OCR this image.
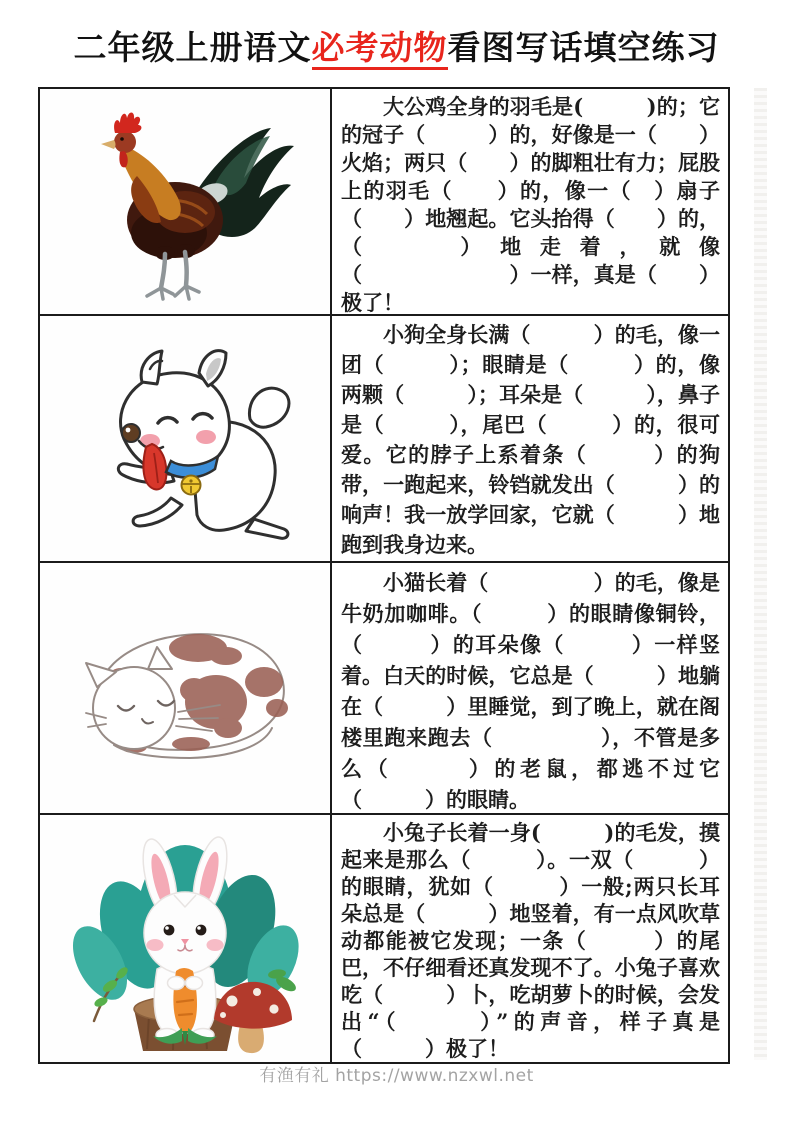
二年级上册语文必考动物看图写话填空练习

大公鸡全身的羽毛是(　　　)的；它的冠子（　　　）的，好像是一（　　）火焰；两只（　　）的脚粗壮有力；屁股上的羽毛（　　）的，像一（　）扇子（　　）地翘起。它头抬得（　　）的，（　　）地走着，就像（　　　　　　　）一样，真是（　　）极了！

小狗全身长满（　　　）的毛，像一团（　　　）；眼睛是（　　　）的，像两颗（　　　）；耳朵是（　　　），鼻子是（　　　），尾巴（　　　）的，很可爱。它的脖子上系着条（　　　）的狗带，一跑起来，铃铛就发出（　　　）的响声！我一放学回家，它就（　　　）地跑到我身边来。

小猫长着（　　　　　）的毛，像是牛奶加咖啡。（　　　）的眼睛像铜铃，（　　　）的耳朵像（　　　）一样竖着。白天的时候，它总是（　　　）地躺在（　　　）里睡觉，到了晚上，就在阁楼里跑来跑去（　　　　　），不管是多么（　　　）的老鼠，都逃不过它（　　　）的眼睛。

小兔子长着一身(　　　)的毛发，摸起来是那么（　　　）。一双（　　　）的眼睛，犹如（　　　）一般;两只长耳朵总是（　　　）地竖着，有一点风吹草动都能被它发现；一条（　　　）的尾巴，不仔细看还真发现不了。小兔子喜欢吃（　　　）卜，吃胡萝卜的时候，会发出“（　　　）”的声音，样子真是（　　　）极了！

有渔有礼 https://www.nzxwl.net
